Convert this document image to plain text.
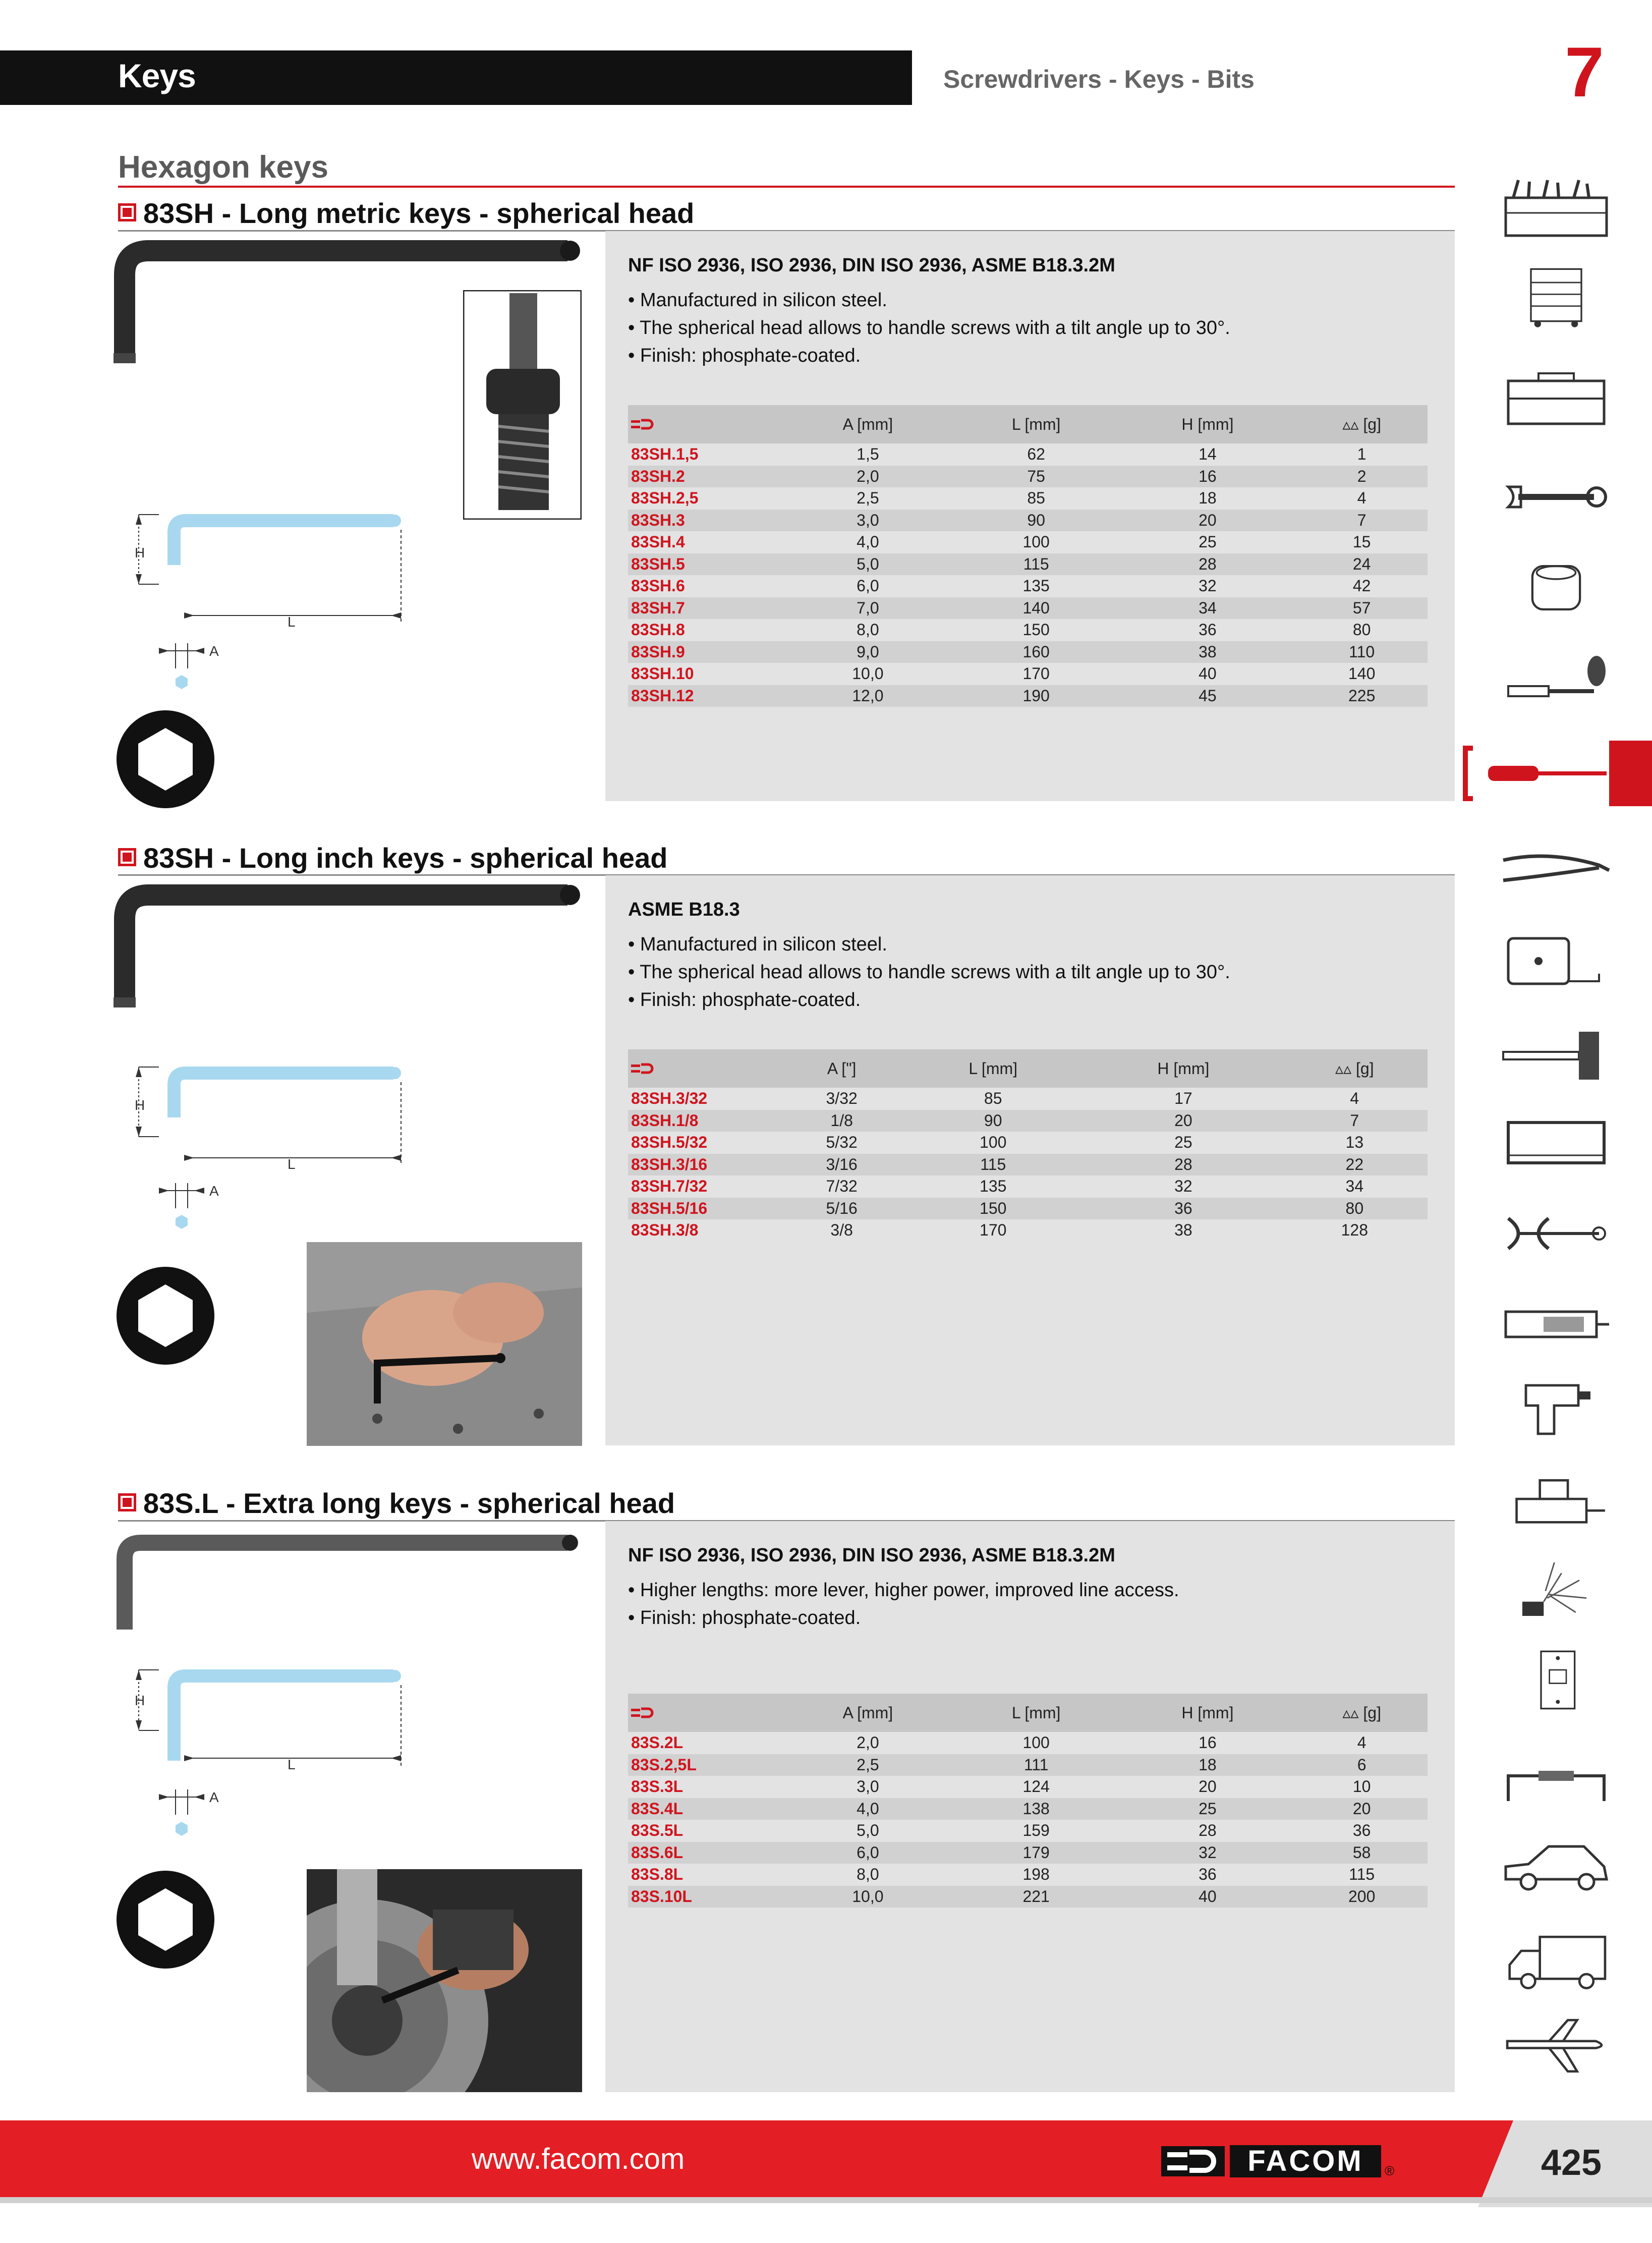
Keys	Screwdrivers - Keys - Bits	7
Hexagon keys
83SH - Long metric keys - spherical head
H
L
A
NF ISO 2936, ISO 2936, DIN ISO 2936, ASME B18.3.2M
• Manufactured in silicon steel.
• The spherical head allows to handle screws with a tilt angle up to 30°.
• Finish: phosphate-coated.
	A [mm]	L [mm]	H [mm]	▵▵ [g]
83SH.1,5	1,5	62	14	1
83SH.2	2,0	75	16	2
83SH.2,5	2,5	85	18	4
83SH.3	3,0	90	20	7
83SH.4	4,0	100	25	15
83SH.5	5,0	115	28	24
83SH.6	6,0	135	32	42
83SH.7	7,0	140	34	57
83SH.8	8,0	150	36	80
83SH.9	9,0	160	38	110
83SH.10	10,0	170	40	140
83SH.12	12,0	190	45	225
83SH - Long inch keys - spherical head
H
L
A
ASME B18.3
• Manufactured in silicon steel.
• The spherical head allows to handle screws with a tilt angle up to 30°.
• Finish: phosphate-coated.
	A ["]	L [mm]	H [mm]	▵▵ [g]
83SH.3/32	3/32	85	17	4
83SH.1/8	1/8	90	20	7
83SH.5/32	5/32	100	25	13
83SH.3/16	3/16	115	28	22
83SH.7/32	7/32	135	32	34
83SH.5/16	5/16	150	36	80
83SH.3/8	3/8	170	38	128
83S.L - Extra long keys - spherical head
H
L
A
NF ISO 2936, ISO 2936, DIN ISO 2936, ASME B18.3.2M
• Higher lengths: more lever, higher power, improved line access.
• Finish: phosphate-coated.
	A [mm]	L [mm]	H [mm]	▵▵ [g]
83S.2L	2,0	100	16	4
83S.2,5L	2,5	111	18	6
83S.3L	3,0	124	20	10
83S.4L	4,0	138	25	20
83S.5L	5,0	159	28	36
83S.6L	6,0	179	32	58
83S.8L	8,0	198	36	115
83S.10L	10,0	221	40	200
www.facom.com	FACOM	®	425
